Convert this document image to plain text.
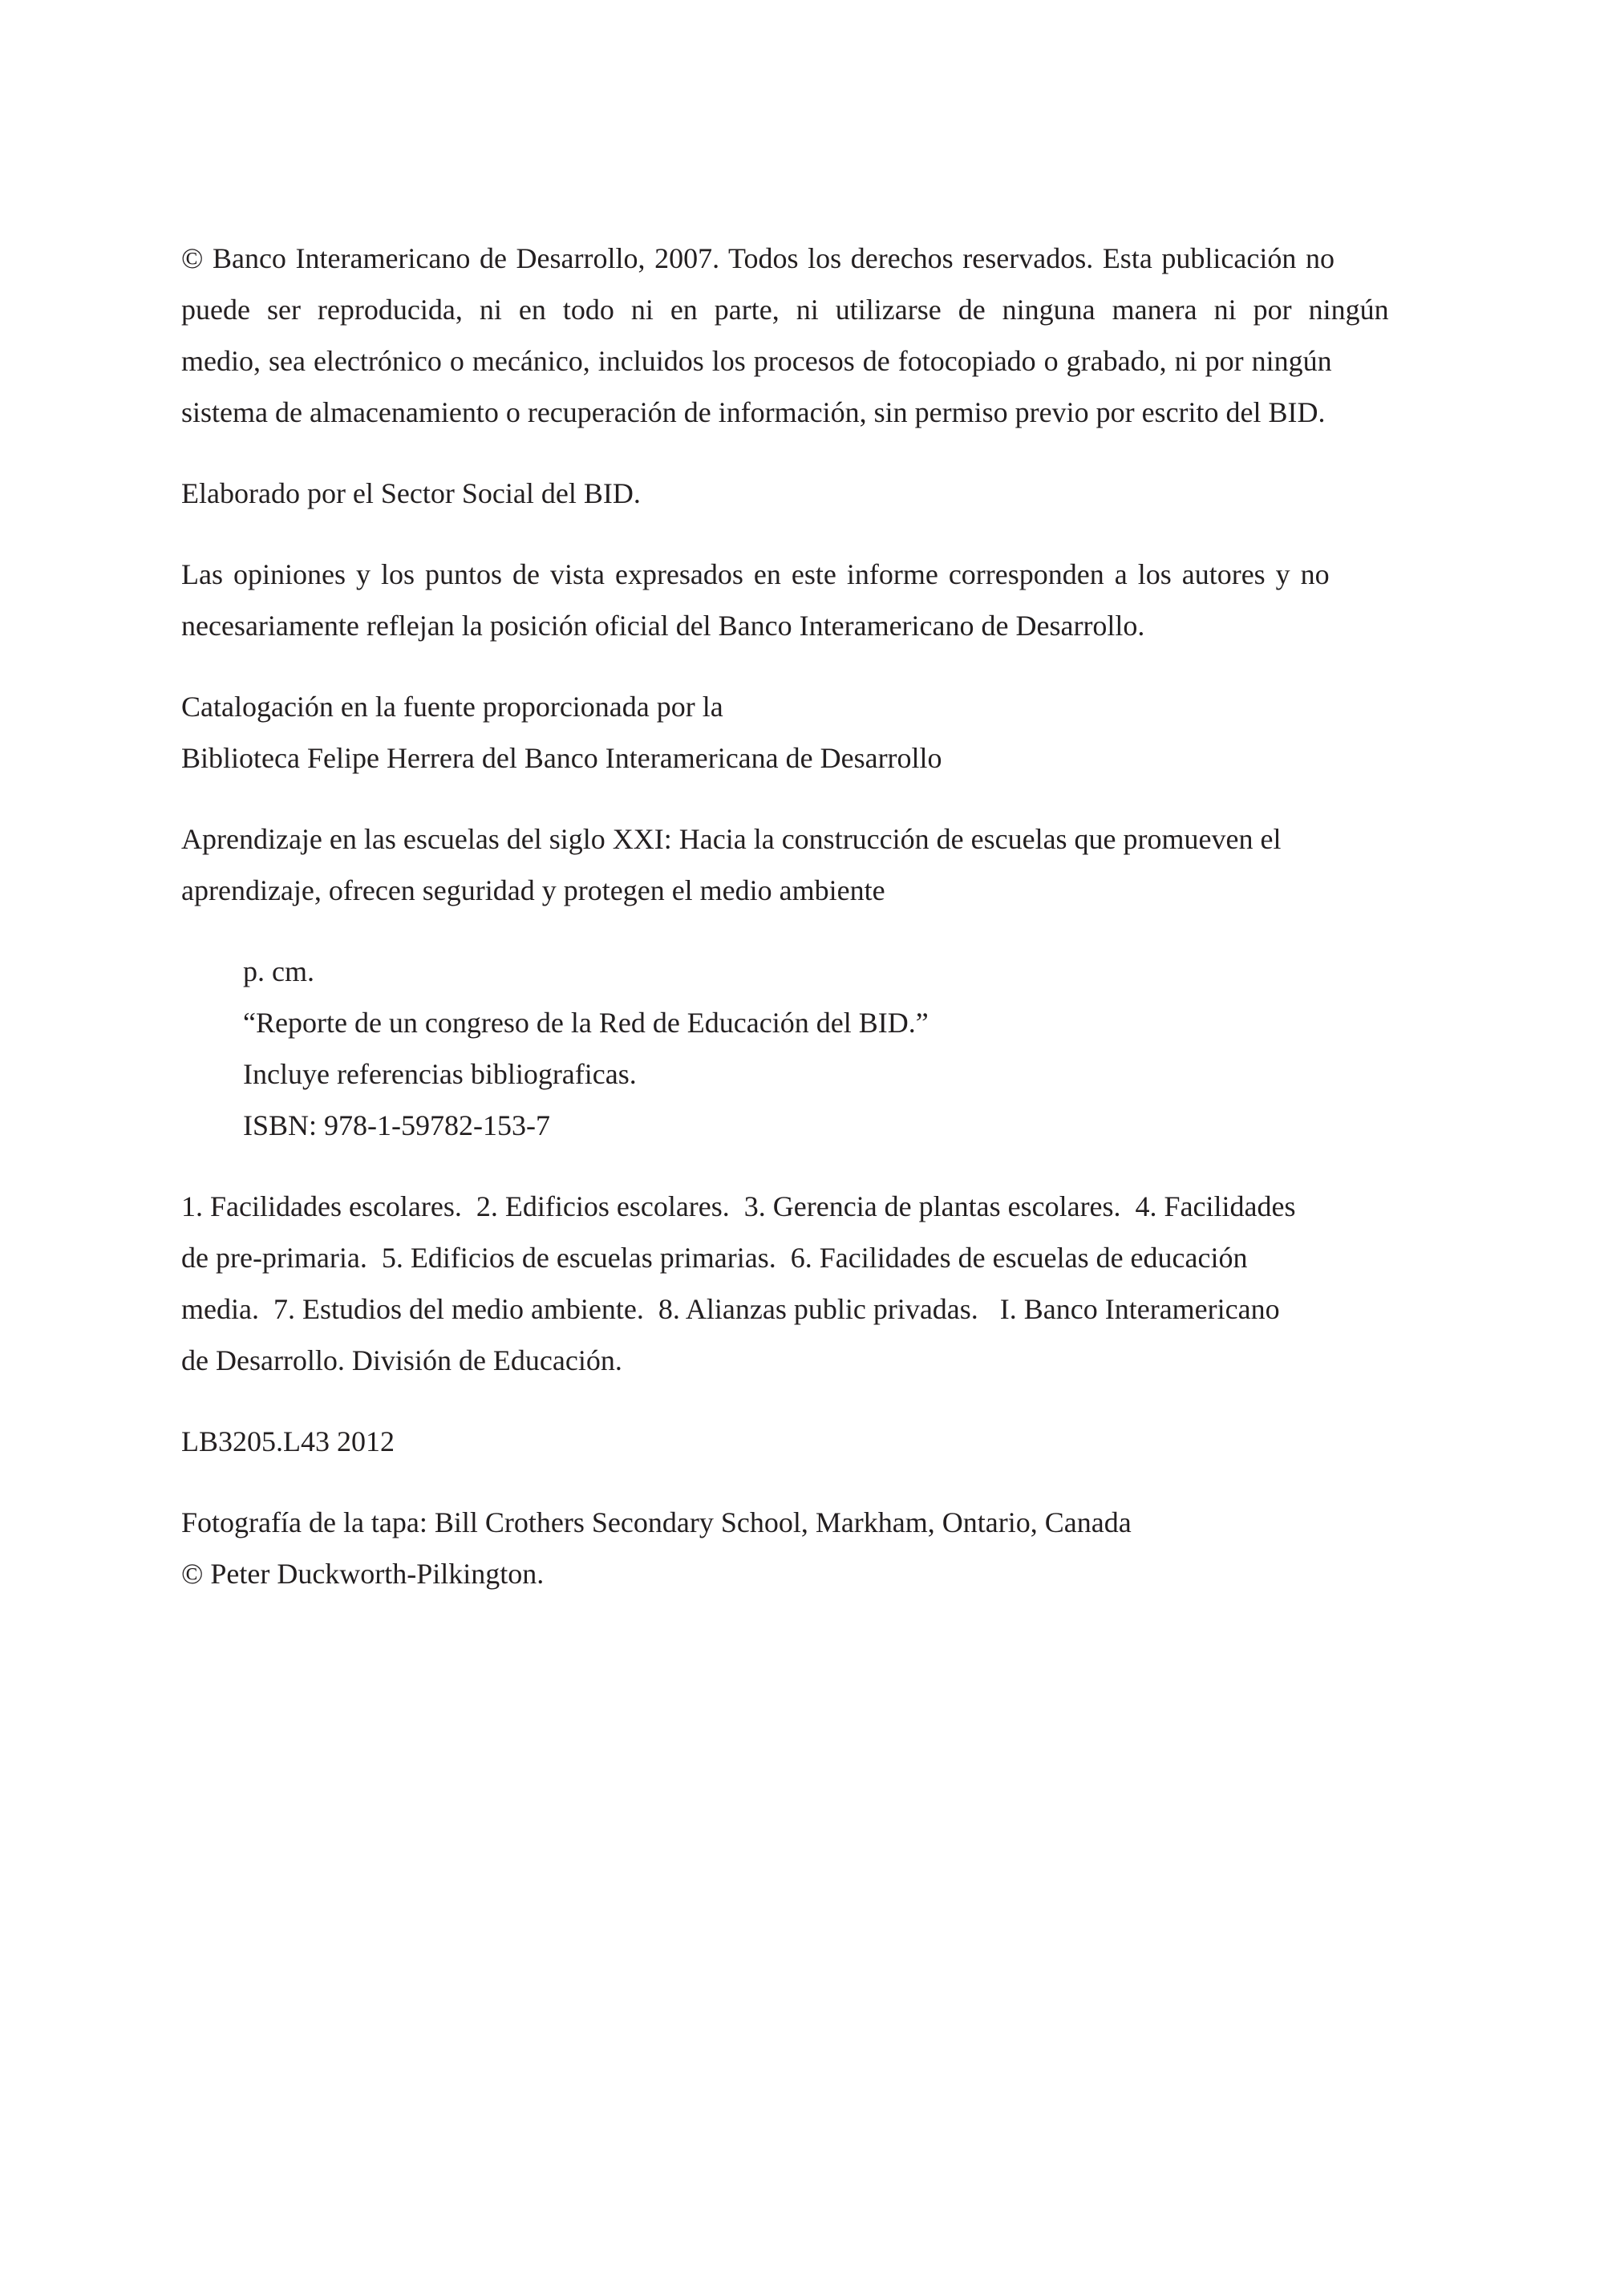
© Banco Interamericano de Desarrollo, 2007. Todos los derechos reservados. Esta publicación no
puede ser reproducida, ni en todo ni en parte, ni utilizarse de ninguna manera ni por ningún
medio, sea electrónico o mecánico, incluidos los procesos de fotocopiado o grabado, ni por ningún
sistema de almacenamiento o recuperación de información, sin permiso previo por escrito del BID.

Elaborado por el Sector Social del BID.

Las opiniones y los puntos de vista expresados en este informe corresponden a los autores y no
necesariamente reflejan la posición oficial del Banco Interamericano de Desarrollo.

Catalogación en la fuente proporcionada por la
Biblioteca Felipe Herrera del Banco Interamericana de Desarrollo

Aprendizaje en las escuelas del siglo XXI: Hacia la construcción de escuelas que promueven el
aprendizaje, ofrecen seguridad y protegen el medio ambiente

p. cm.
“Reporte de un congreso de la Red de Educación del BID.”
Incluye referencias bibliograficas.
ISBN: 978-1-59782-153-7

1. Facilidades escolares.  2. Edificios escolares.  3. Gerencia de plantas escolares.  4. Facilidades
de pre-primaria.  5. Edificios de escuelas primarias.  6. Facilidades de escuelas de educación
media.  7. Estudios del medio ambiente.  8. Alianzas public privadas.   I. Banco Interamericano
de Desarrollo. División de Educación.

LB3205.L43 2012

Fotografía de la tapa: Bill Crothers Secondary School, Markham, Ontario, Canada
© Peter Duckworth-Pilkington.
